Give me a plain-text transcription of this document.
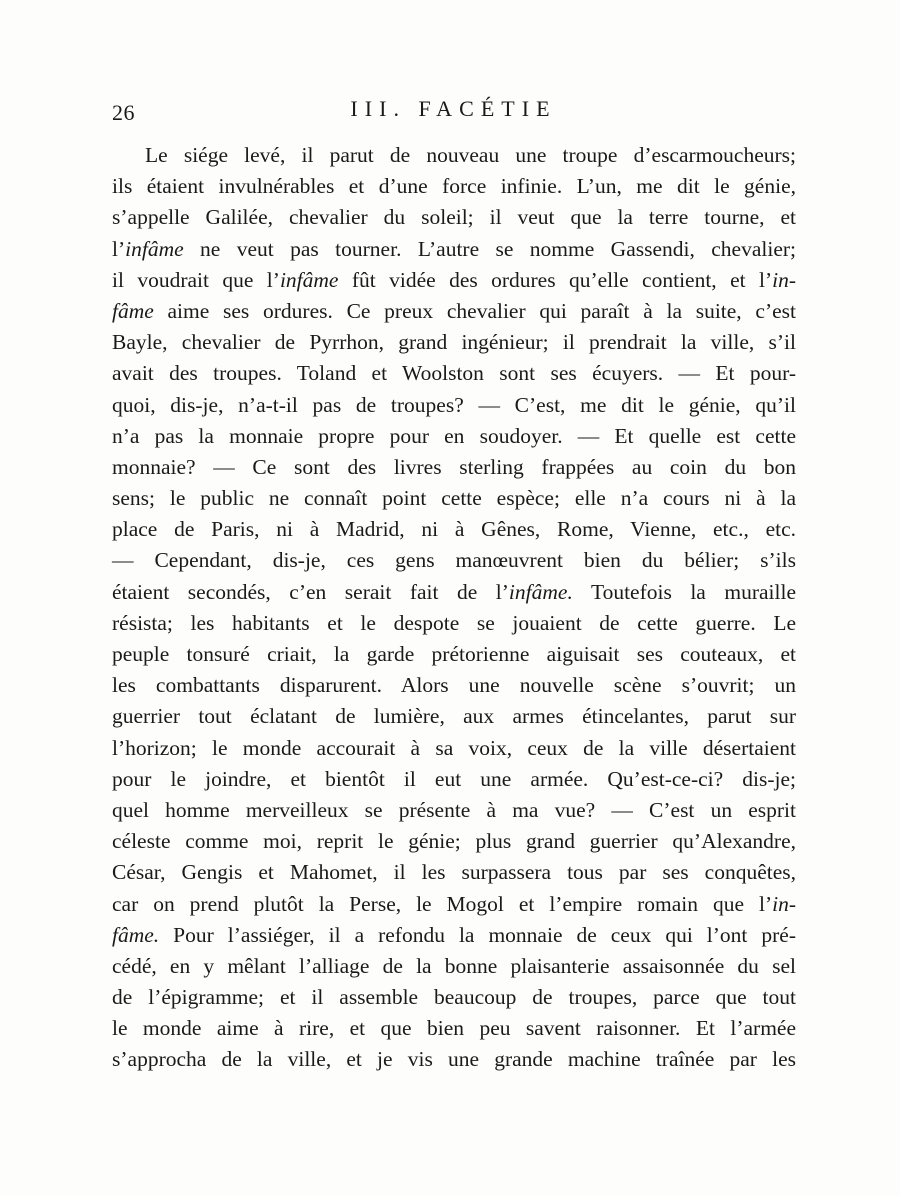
26	III. FACÉTIE
Le siége levé, il parut de nouveau une troupe d’escarmoucheurs;
ils étaient invulnérables et d’une force infinie. L’un, me dit le génie,
s’appelle Galilée, chevalier du soleil; il veut que la terre tourne, et
l’infâme ne veut pas tourner. L’autre se nomme Gassendi, chevalier;
il voudrait que l’infâme fût vidée des ordures qu’elle contient, et l’in-
fâme aime ses ordures. Ce preux chevalier qui paraît à la suite, c’est
Bayle, chevalier de Pyrrhon, grand ingénieur; il prendrait la ville, s’il
avait des troupes. Toland et Woolston sont ses écuyers. — Et pour-
quoi, dis-je, n’a-t-il pas de troupes? — C’est, me dit le génie, qu’il
n’a pas la monnaie propre pour en soudoyer. — Et quelle est cette
monnaie? — Ce sont des livres sterling frappées au coin du bon
sens; le public ne connaît point cette espèce; elle n’a cours ni à la
place de Paris, ni à Madrid, ni à Gênes, Rome, Vienne, etc., etc.
— Cependant, dis-je, ces gens manœuvrent bien du bélier; s’ils
étaient secondés, c’en serait fait de l’infâme. Toutefois la muraille
résista; les habitants et le despote se jouaient de cette guerre. Le
peuple tonsuré criait, la garde prétorienne aiguisait ses couteaux, et
les combattants disparurent. Alors une nouvelle scène s’ouvrit; un
guerrier tout éclatant de lumière, aux armes étincelantes, parut sur
l’horizon; le monde accourait à sa voix, ceux de la ville désertaient
pour le joindre, et bientôt il eut une armée. Qu’est-ce-ci? dis-je;
quel homme merveilleux se présente à ma vue? — C’est un esprit
céleste comme moi, reprit le génie; plus grand guerrier qu’Alexandre,
César, Gengis et Mahomet, il les surpassera tous par ses conquêtes,
car on prend plutôt la Perse, le Mogol et l’empire romain que l’in-
fâme. Pour l’assiéger, il a refondu la monnaie de ceux qui l’ont pré-
cédé, en y mêlant l’alliage de la bonne plaisanterie assaisonnée du sel
de l’épigramme; et il assemble beaucoup de troupes, parce que tout
le monde aime à rire, et que bien peu savent raisonner. Et l’armée
s’approcha de la ville, et je vis une grande machine traînée par les
